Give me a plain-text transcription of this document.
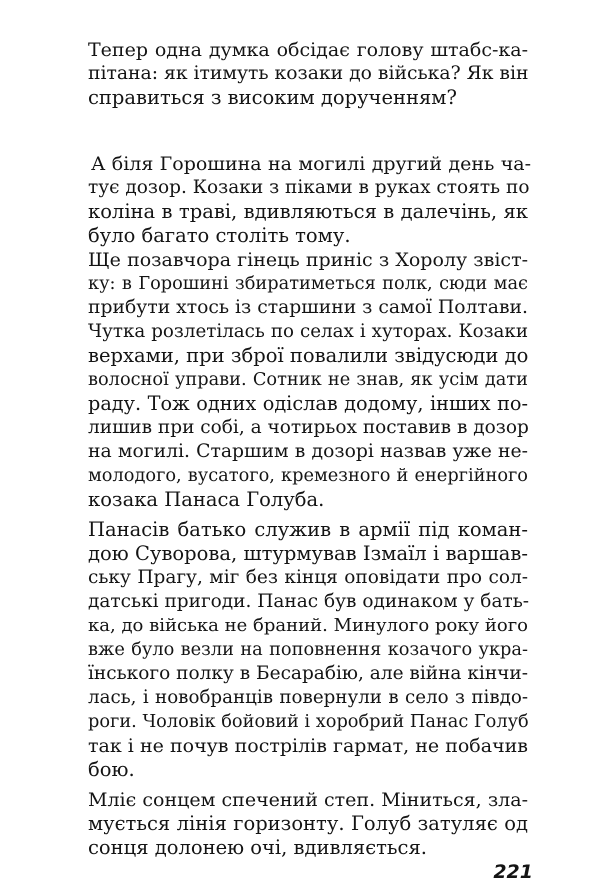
Тепер одна думка обсідає голову штабс-ка-
пітана: як ітимуть козаки до війська? Як він
справиться з високим дорученням?
А біля Горошина на могилі другий день ча-
тує дозор. Козаки з піками в руках стоять по
коліна в траві, вдивляються в далечінь, як
було багато століть тому.
Ще позавчора гінець приніс з Хоролу звіст-
ку: в Горошині збиратиметься полк, сюди має
прибути хтось із старшини з самої Полтави.
Чутка розлетілась по селах і хуторах. Козаки
верхами, при зброї повалили звідусюди до
волосної управи. Сотник не знав, як усім дати
раду. Тож одних одіслав додому, інших по-
лишив при собі, а чотирьох поставив в дозор
на могилі. Старшим в дозорі назвав уже не-
молодого, вусатого, кремезного й енергійного
козака Панаса Голуба.
Панасів батько служив в армії під коман-
дою Суворова, штурмував Ізмаїл і варшав-
ську Прагу, міг без кінця оповідати про сол-
датські пригоди. Панас був одинаком у бать-
ка, до війська не браний. Минулого року його
вже було везли на поповнення козачого укра-
їнського полку в Бесарабію, але війна кінчи-
лась, і новобранців повернули в село з півдо-
роги. Чоловік бойовий і хоробрий Панас Голуб
так і не почув пострілів гармат, не побачив
бою.
Мліє сонцем спечений степ. Міниться, зла-
мується лінія горизонту. Голуб затуляє од
сонця долонею очі, вдивляється.
221
